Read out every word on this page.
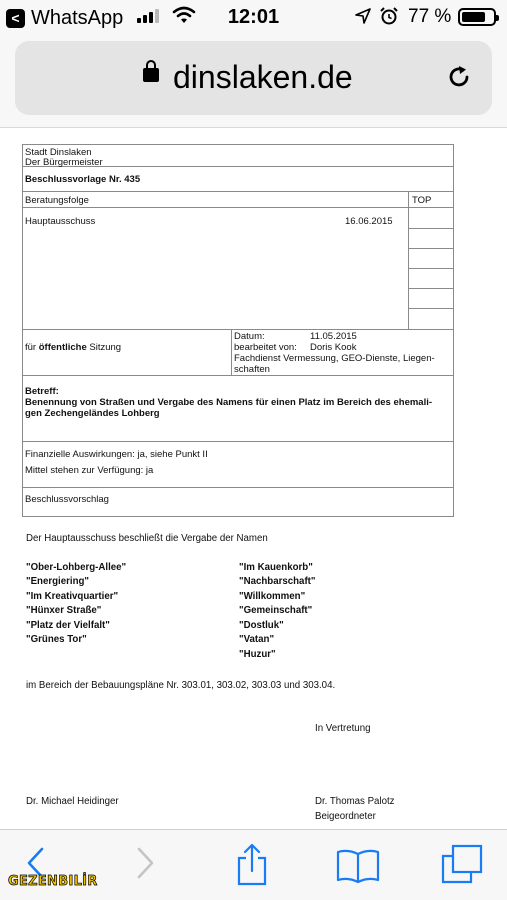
< WhatsApp	12:01	77 %
dinslaken.de
Stadt Dinslaken
Der Bürgermeister
Beschlussvorlage Nr. 435
Beratungsfolge	TOP
Hauptausschuss	16.06.2015
für öffentliche Sitzung
Datum:	11.05.2015
bearbeitet von: Doris Kook
Fachdienst Vermessung, GEO-Dienste, Liegen-
schaften
Betreff:
Benennung von Straßen und Vergabe des Namens für einen Platz im Bereich des ehemali-
gen Zechengeländes Lohberg
Finanzielle Auswirkungen: ja, siehe Punkt II
Mittel stehen zur Verfügung: ja
Beschlussvorschlag
Der Hauptausschuss beschließt die Vergabe der Namen
"Ober-Lohberg-Allee"
"Energiering"
"Im Kreativquartier"
"Hünxer Straße"
"Platz der Vielfalt"
"Grünes Tor"
"Im Kauenkorb"
"Nachbarschaft"
"Willkommen"
"Gemeinschaft"
"Dostluk"
"Vatan"
"Huzur"
im Bereich der Bebauungspläne Nr. 303.01, 303.02, 303.03 und 303.04.
In Vertretung
Dr. Michael Heidinger	Dr. Thomas Palotz
Beigeordneter
GEZENBILİR
